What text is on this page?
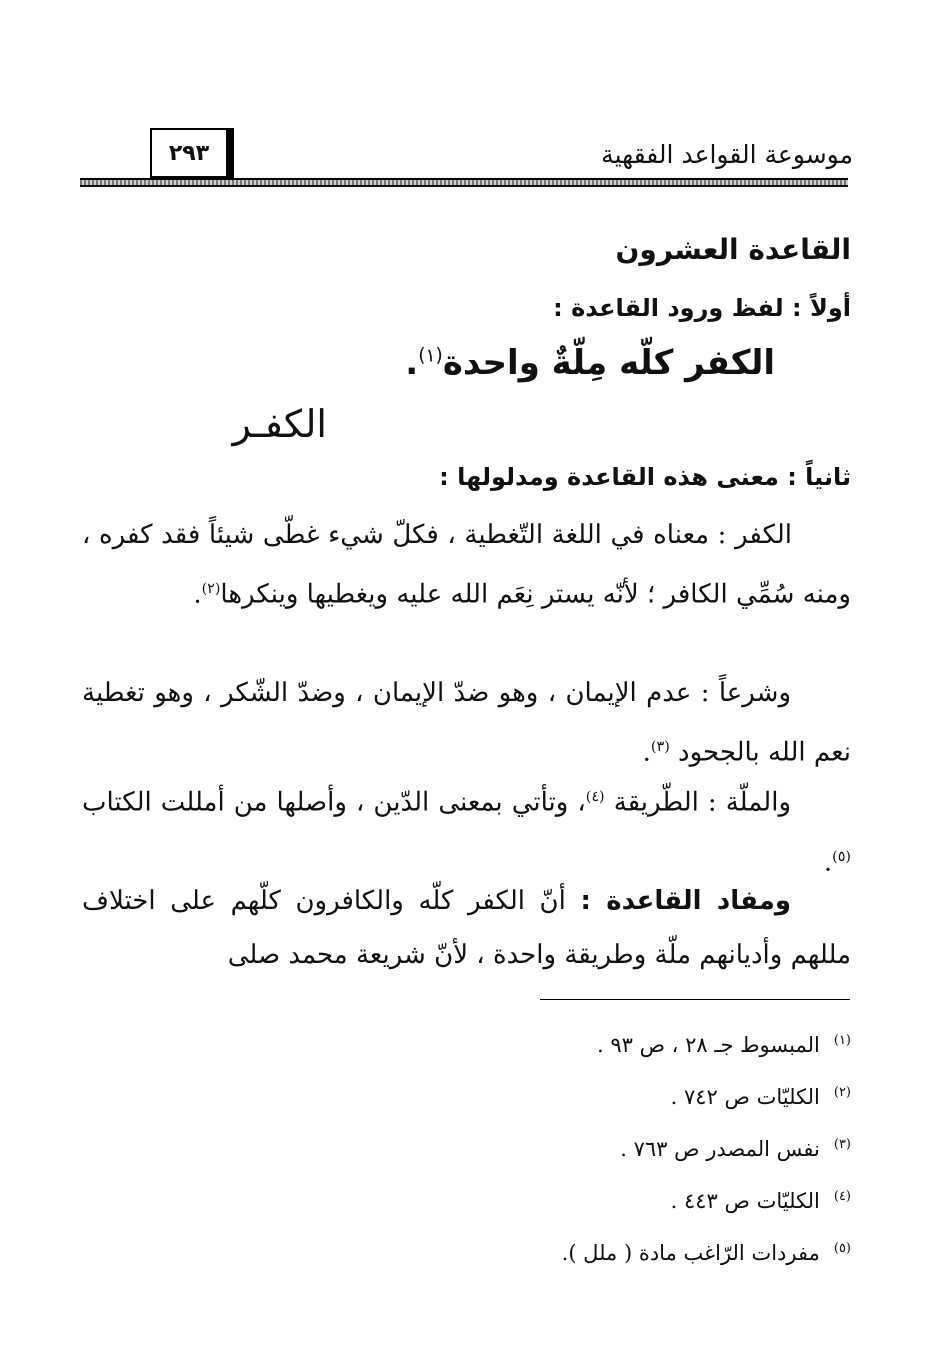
موسوعة القواعد الفقهية
٢٩٣
القاعدة العشرون
أولاً : لفظ ورود القاعدة :
الكفر كلّه مِلّةٌ واحدة$^{(١)}$.
الكفـر
ثانياً : معنى هذه القاعدة ومدلولها :
الكفر : معناه في اللغة التّغطية ، فكلّ شيء غطّى شيئاً فقد كفره ، ومنه سُمِّي الكافر ؛ لأنّه يستر نِعَم الله عليه ويغطيها وينكرها$^{(٢)}$.
وشرعاً : عدم الإيمان ، وهو ضدّ الإيمان ، وضدّ الشّكر ، وهو تغطية نعم الله بالجحود $^{(٣)}$.
والملّة : الطّريقة $^{(٤)}$، وتأتي بمعنى الدّين ، وأصلها من أمللت الكتاب $^{(٥)}$.
ومفاد القاعدة : أنّ الكفر كلّه والكافرون كلّهم على اختلاف مللهم وأديانهم ملّة وطريقة واحدة ، لأنّ شريعة محمد صلى
$^{(١)}$المبسوط جـ ٢٨ ، ص ٩٣ .
$^{(٢)}$الكليّات ص ٧٤٢ .
$^{(٣)}$نفس المصدر ص ٧٦٣ .
$^{(٤)}$الكليّات ص ٤٤٣ .
$^{(٥)}$مفردات الرّاغب مادة ( ملل ).
